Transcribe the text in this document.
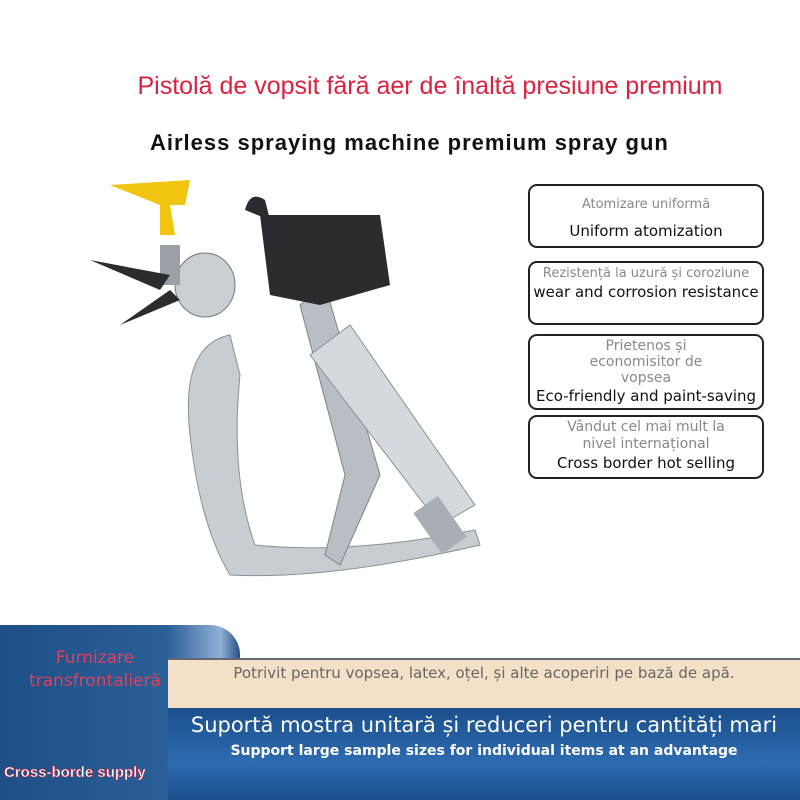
Pistolă de vopsit fără aer de înaltă presiune premium
Airless spraying machine premium spray gun
Atomizare uniformă
Uniform atomization
Rezistență la uzură și coroziune
wear and corrosion resistance
Prietenos și economisitor de vopsea
Eco-friendly and paint-saving
Vândut cel mai mult la nivel internațional
Cross border hot selling
Furnizare transfrontalieră
Cross-borde supply
Potrivit pentru vopsea, latex, oțel, și alte acoperiri pe bază de apă.
Suportă mostra unitară și reduceri pentru cantități mari
Support large sample sizes for individual items at an advantage
